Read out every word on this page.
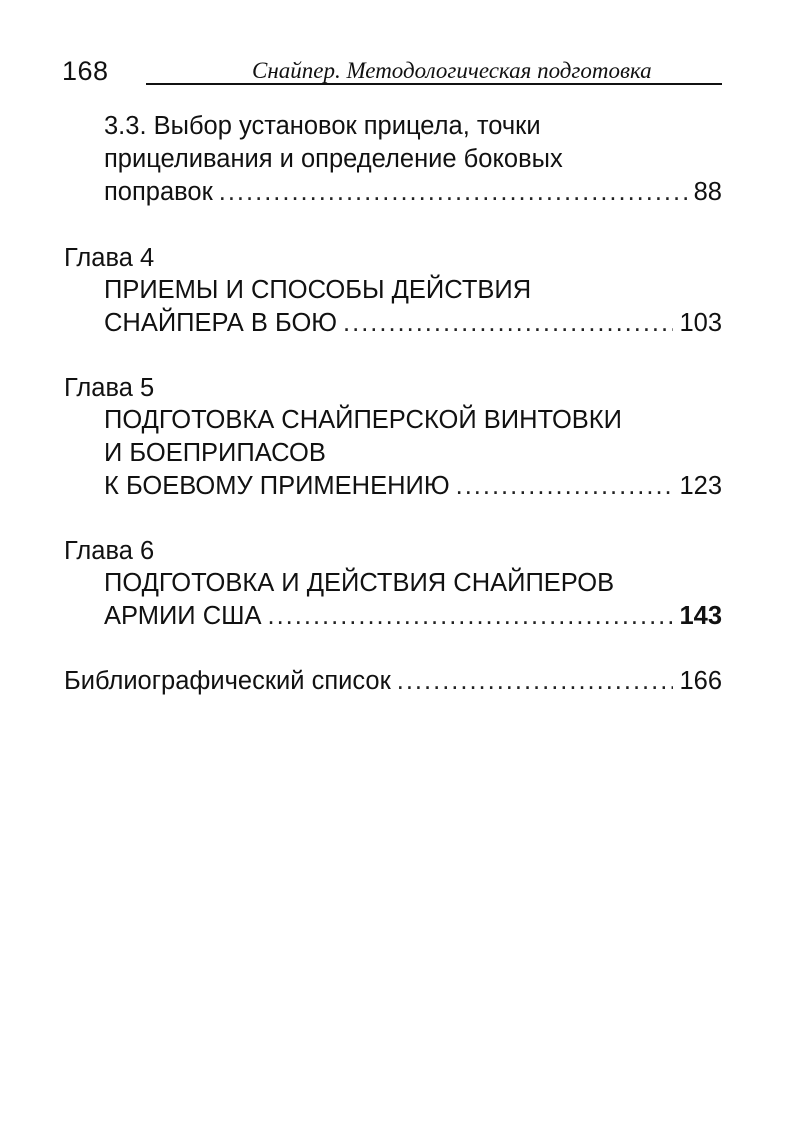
168	Снайпер. Методологическая подготовка
3.3. Выбор установок прицела, точки
прицеливания и определение боковых
поправок .....	88
Глава 4
ПРИЕМЫ И СПОСОБЫ ДЕЙСТВИЯ
СНАЙПЕРА В БОЮ .....	103
Глава 5
ПОДГОТОВКА СНАЙПЕРСКОЙ ВИНТОВКИ
И БОЕПРИПАСОВ
К БОЕВОМУ ПРИМЕНЕНИЮ .....	123
Глава 6
ПОДГОТОВКА И ДЕЙСТВИЯ СНАЙПЕРОВ
АРМИИ США .....	143
Библиографический список .....	166
